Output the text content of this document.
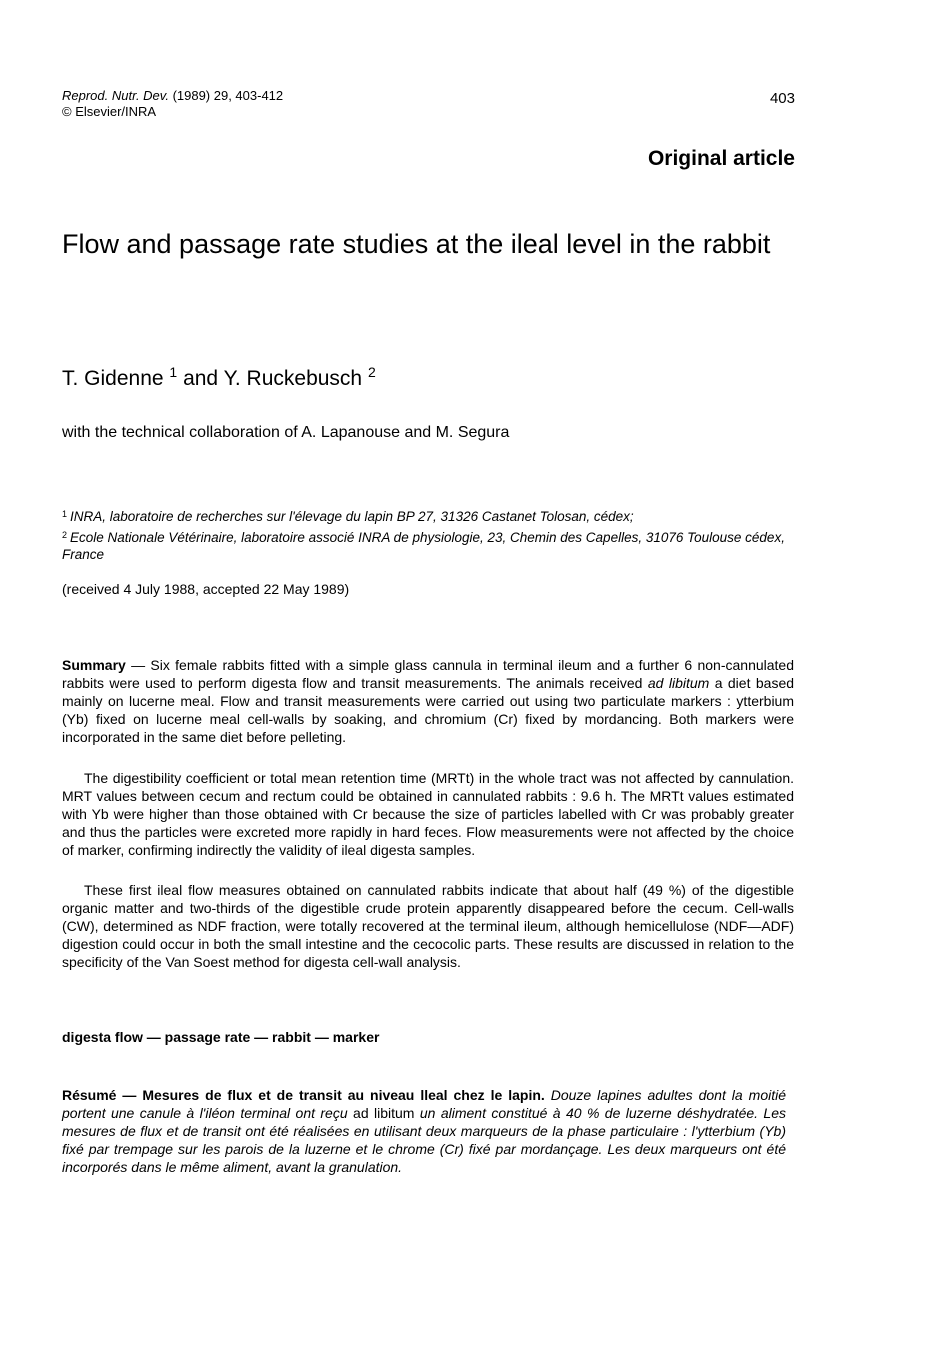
Reprod. Nutr. Dev. (1989) 29, 403-412
© Elsevier/INRA
403
Original article
Flow and passage rate studies at the ileal level in the rabbit
T. Gidenne $^1$ and Y. Ruckebusch $^2$
with the technical collaboration of A. Lapanouse and M. Segura
$^1$ INRA, laboratoire de recherches sur l'élevage du lapin BP 27, 31326 Castanet Tolosan, cédex;
$^2$ Ecole Nationale Vétérinaire, laboratoire associé INRA de physiologie, 23, Chemin des Capelles, 31076 Toulouse cédex, France
(received 4 July 1988, accepted 22 May 1989)

Summary — Six female rabbits fitted with a simple glass cannula in terminal ileum and a further 6 non-cannulated rabbits were used to perform digesta flow and transit measurements. The animals received ad libitum a diet based mainly on lucerne meal. Flow and transit measurements were carried out using two particulate markers : ytterbium (Yb) fixed on lucerne meal cell-walls by soaking, and chromium (Cr) fixed by mordancing. Both markers were incorporated in the same diet before pelleting.

The digestibility coefficient or total mean retention time (MRTt) in the whole tract was not affected by cannulation. MRT values between cecum and rectum could be obtained in cannulated rabbits : 9.6 h. The MRTt values estimated with Yb were higher than those obtained with Cr because the size of particles labelled with Cr was probably greater and thus the particles were excreted more rapidly in hard feces. Flow measurements were not affected by the choice of marker, confirming indirectly the validity of ileal digesta samples.

These first ileal flow measures obtained on cannulated rabbits indicate that about half (49 %) of the digestible organic matter and two-thirds of the digestible crude protein apparently disappeared before the cecum. Cell-walls (CW), determined as NDF fraction, were totally recovered at the terminal ileum, although hemicellulose (NDF—ADF) digestion could occur in both the small intestine and the cecocolic parts. These results are discussed in relation to the specificity of the Van Soest method for digesta cell-wall analysis.

digesta flow — passage rate — rabbit — marker

Résumé — Mesures de flux et de transit au niveau lleal chez le lapin. Douze lapines adultes dont la moitié portent une canule à l'iléon terminal ont reçu ad libitum un aliment constitué à 40 % de luzerne déshydratée. Les mesures de flux et de transit ont été réalisées en utilisant deux marqueurs de la phase particulaire : l'ytterbium (Yb) fixé par trempage sur les parois de la luzerne et le chrome (Cr) fixé par mordançage. Les deux marqueurs ont été incorporés dans le même aliment, avant la granulation.
